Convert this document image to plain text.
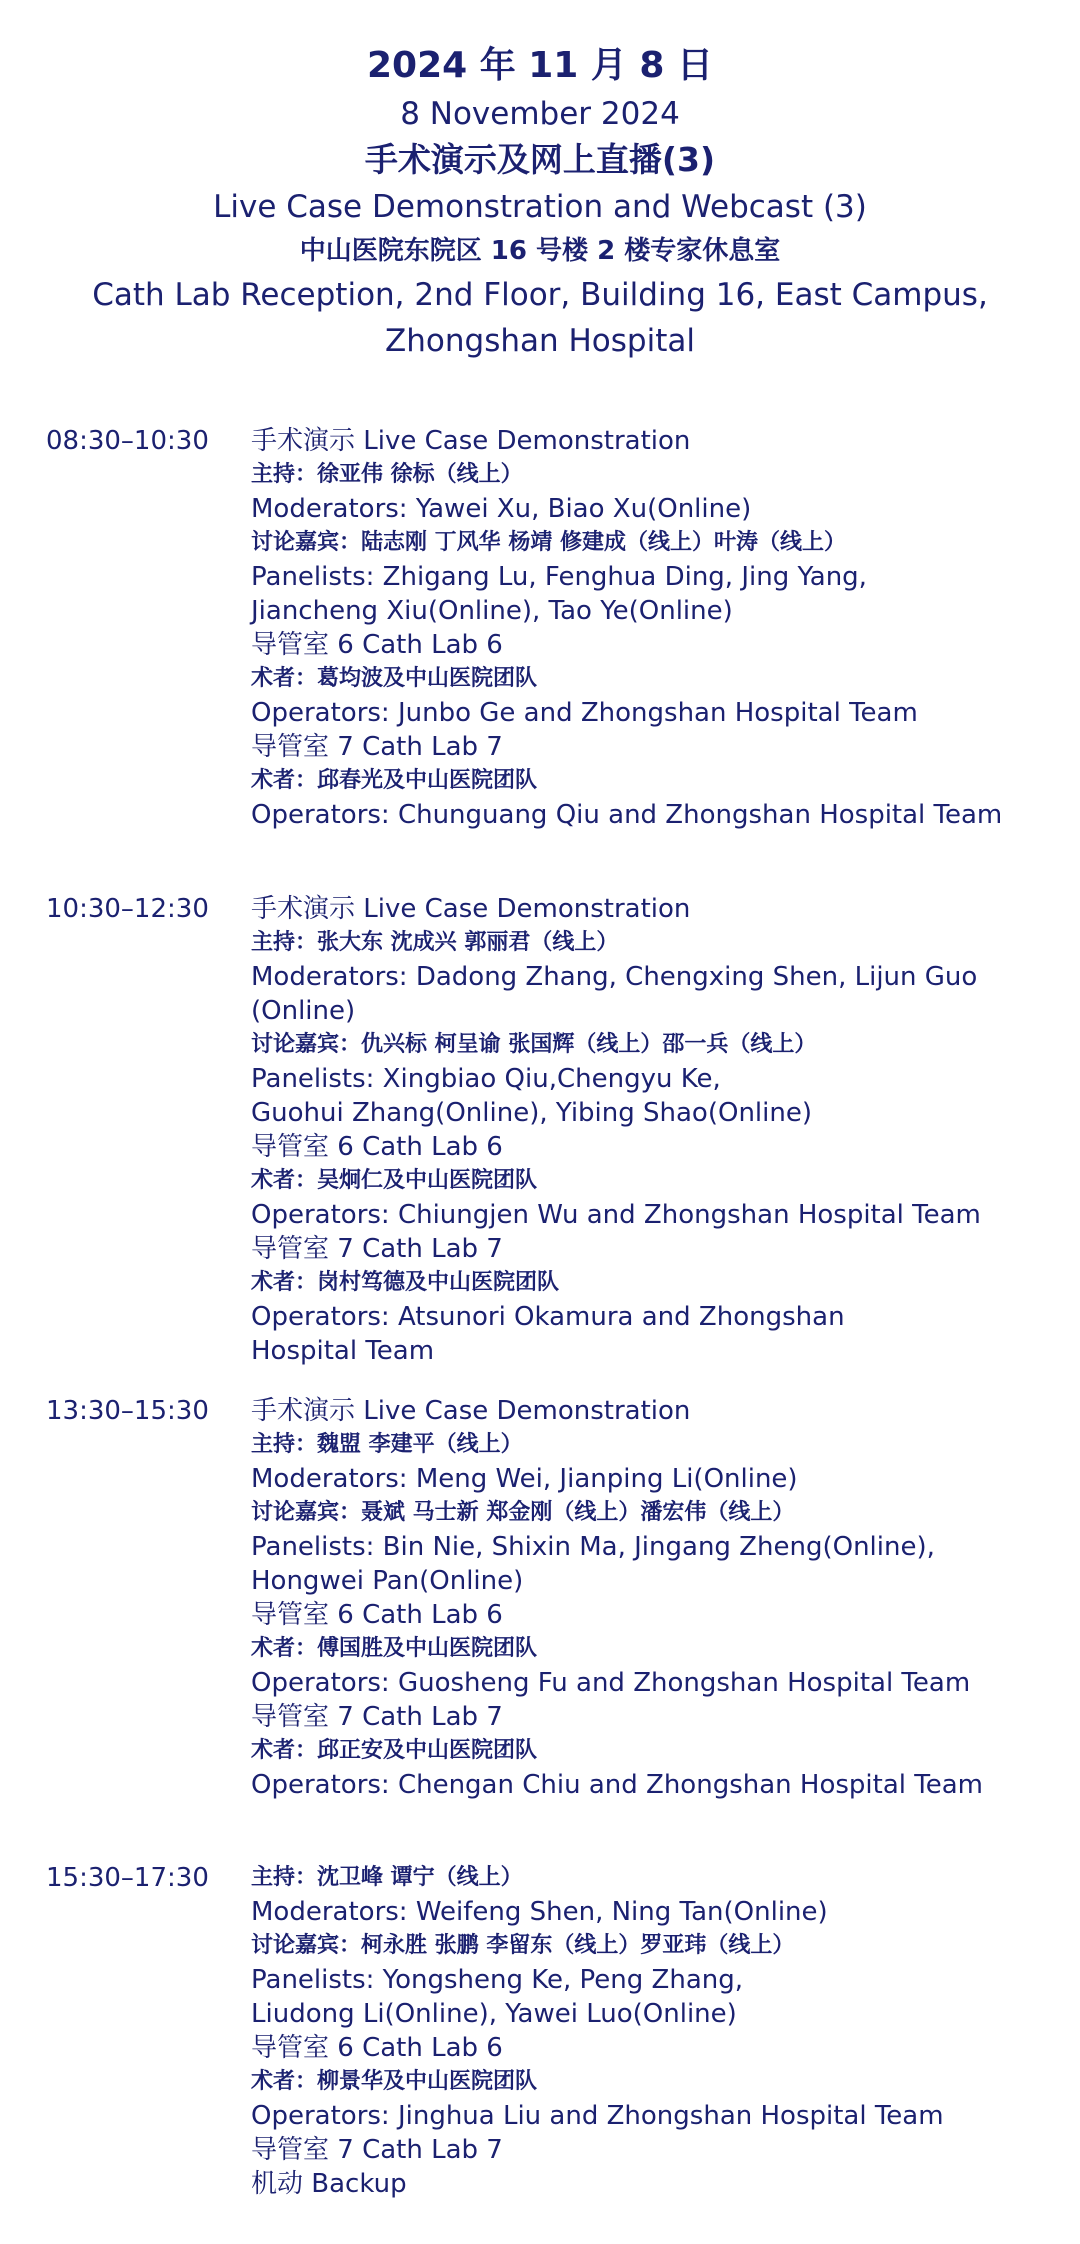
2024 年 11 月 8 日
8 November 2024
手术演示及网上直播(3)
Live Case Demonstration and Webcast (3)
中山医院东院区 16 号楼 2 楼专家休息室
Cath Lab Reception, 2nd Floor, Building 16, East Campus,
Zhongshan Hospital
08:30–10:30 手术演示 Live Case Demonstration
主持：徐亚伟 徐标（线上）
Moderators: Yawei Xu, Biao Xu(Online)
讨论嘉宾：陆志刚 丁风华 杨靖 修建成（线上）叶涛（线上）
Panelists: Zhigang Lu, Fenghua Ding, Jing Yang,
Jiancheng Xiu(Online), Tao Ye(Online)
导管室 6 Cath Lab 6
术者：葛均波及中山医院团队
Operators: Junbo Ge and Zhongshan Hospital Team
导管室 7 Cath Lab 7
术者：邱春光及中山医院团队
Operators: Chunguang Qiu and Zhongshan Hospital Team
10:30–12:30 手术演示 Live Case Demonstration
主持：张大东 沈成兴 郭丽君（线上）
Moderators: Dadong Zhang, Chengxing Shen, Lijun Guo
(Online)
讨论嘉宾：仇兴标 柯呈谕 张国辉（线上）邵一兵（线上）
Panelists: Xingbiao Qiu,Chengyu Ke,
Guohui Zhang(Online), Yibing Shao(Online)
导管室 6 Cath Lab 6
术者：吴炯仁及中山医院团队
Operators: Chiungjen Wu and Zhongshan Hospital Team
导管室 7 Cath Lab 7
术者：岗村笃德及中山医院团队
Operators: Atsunori Okamura and Zhongshan
Hospital Team
13:30–15:30 手术演示 Live Case Demonstration
主持：魏盟 李建平（线上）
Moderators: Meng Wei, Jianping Li(Online)
讨论嘉宾：聂斌 马士新 郑金刚（线上）潘宏伟（线上）
Panelists: Bin Nie, Shixin Ma, Jingang Zheng(Online),
Hongwei Pan(Online)
导管室 6 Cath Lab 6
术者：傅国胜及中山医院团队
Operators: Guosheng Fu and Zhongshan Hospital Team
导管室 7 Cath Lab 7
术者：邱正安及中山医院团队
Operators: Chengan Chiu and Zhongshan Hospital Team
15:30–17:30 主持：沈卫峰 谭宁（线上）
Moderators: Weifeng Shen, Ning Tan(Online)
讨论嘉宾：柯永胜 张鹏 李留东（线上）罗亚玮（线上）
Panelists: Yongsheng Ke, Peng Zhang,
Liudong Li(Online), Yawei Luo(Online)
导管室 6 Cath Lab 6
术者：柳景华及中山医院团队
Operators: Jinghua Liu and Zhongshan Hospital Team
导管室 7 Cath Lab 7
机动 Backup
